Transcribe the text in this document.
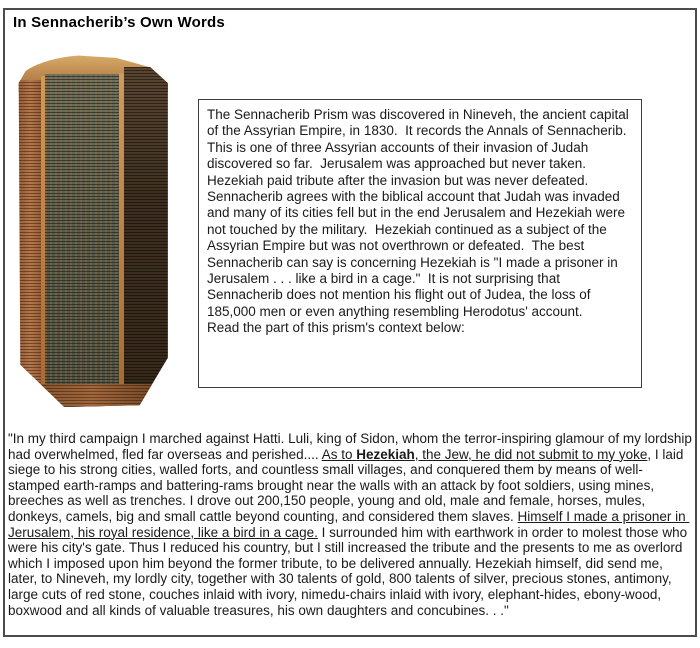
In Sennacherib’s Own Words
The Sennacherib Prism was discovered in Nineveh, the ancient capital of the Assyrian Empire, in 1830.  It records the Annals of Sennacherib.  This is one of three Assyrian accounts of their invasion of Judah discovered so far.  Jerusalem was approached but never taken.  Hezekiah paid tribute after the invasion but was never defeated.  Sennacherib agrees with the biblical account that Judah was invaded and many of its cities fell but in the end Jerusalem and Hezekiah were not touched by the military.  Hezekiah continued as a subject of the Assyrian Empire but was not overthrown or defeated.  The best Sennacherib can say is concerning Hezekiah is "I made a prisoner in Jerusalem . . . like a bird in a cage."  It is not surprising that Sennacherib does not mention his flight out of Judea, the loss of 185,000 men or even anything resembling Herodotus' account.
Read the part of this prism's context below:
"In my third campaign I marched against Hatti. Luli, king of Sidon, whom the terror-inspiring glamour of my lordship had overwhelmed, fled far overseas and perished.... As to Hezekiah, the Jew, he did not submit to my yoke, I laid siege to his strong cities, walled forts, and countless small villages, and conquered them by means of well-stamped earth-ramps and battering-rams brought near the walls with an attack by foot soldiers, using mines, breeches as well as trenches. I drove out 200,150 people, young and old, male and female, horses, mules, donkeys, camels, big and small cattle beyond counting, and considered them slaves. Himself I made a prisoner in Jerusalem, his royal residence, like a bird in a cage. I surrounded him with earthwork in order to molest those who were his city's gate. Thus I reduced his country, but I still increased the tribute and the presents to me as overlord which I imposed upon him beyond the former tribute, to be delivered annually. Hezekiah himself, did send me, later, to Nineveh, my lordly city, together with 30 talents of gold, 800 talents of silver, precious stones, antimony, large cuts of red stone, couches inlaid with ivory, nimedu-chairs inlaid with ivory, elephant-hides, ebony-wood, boxwood and all kinds of valuable treasures, his own daughters and concubines. . ."
